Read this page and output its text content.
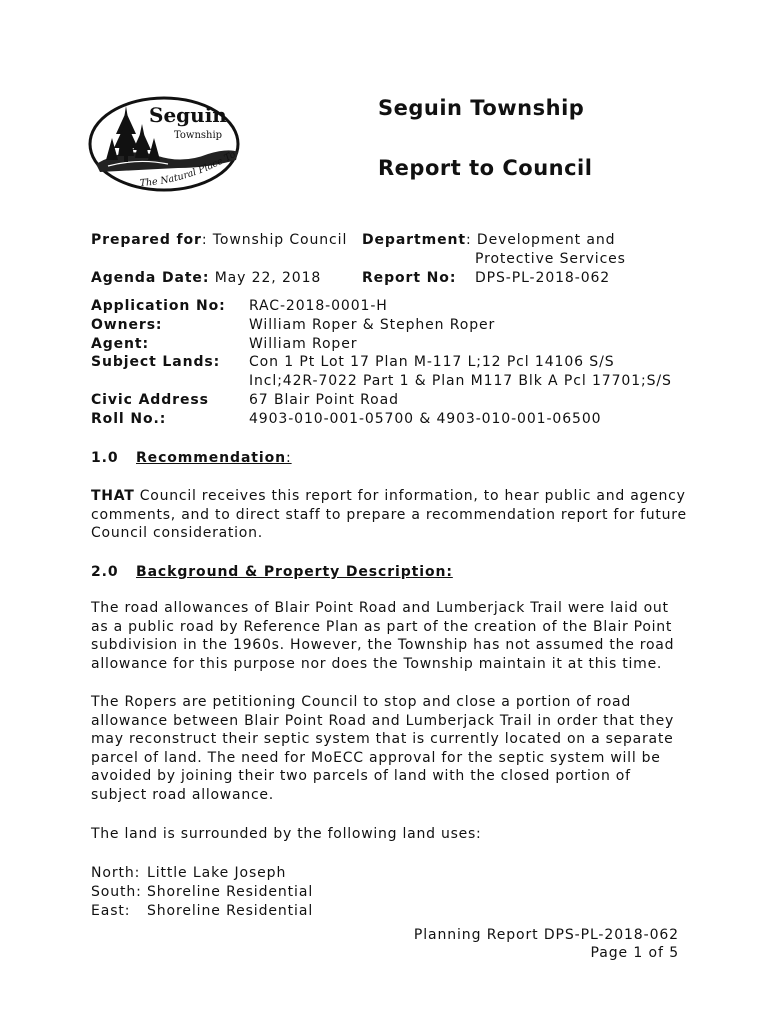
The Natural Place To
Seguin
Township
Seguin Township
Report to Council
Prepared for: Township Council Department: Development and
Protective Services
Agenda Date: May 22, 2018	Report No: DPS-PL-2018-062
Application No: RAC-2018-0001-H
Owners:	William Roper & Stephen Roper
Agent:	William Roper
Subject Lands: Con 1 Pt Lot 17 Plan M-117 L;12 Pcl 14106 S/S
Incl;42R-7022 Part 1 & Plan M117 Blk A Pcl 17701;S/S
Civic Address	67 Blair Point Road
Roll No.:	4903-010-001-05700 & 4903-010-001-06500
1.0 Recommendation:

THAT Council receives this report for information, to hear public and agency comments, and to direct staff to prepare a recommendation report for future Council consideration.

2.0 Background & Property Description:

The road allowances of Blair Point Road and Lumberjack Trail were laid out as a public road by Reference Plan as part of the creation of the Blair Point subdivision in the 1960s. However, the Township has not assumed the road allowance for this purpose nor does the Township maintain it at this time.

The Ropers are petitioning Council to stop and close a portion of road allowance between Blair Point Road and Lumberjack Trail in order that they may reconstruct their septic system that is currently located on a separate parcel of land. The need for MoECC approval for the septic system will be avoided by joining their two parcels of land with the closed portion of subject road allowance.

The land is surrounded by the following land uses:

North: Little Lake Joseph
South: Shoreline Residential
East: Shoreline Residential
Planning Report DPS-PL-2018-062
Page 1 of 5
